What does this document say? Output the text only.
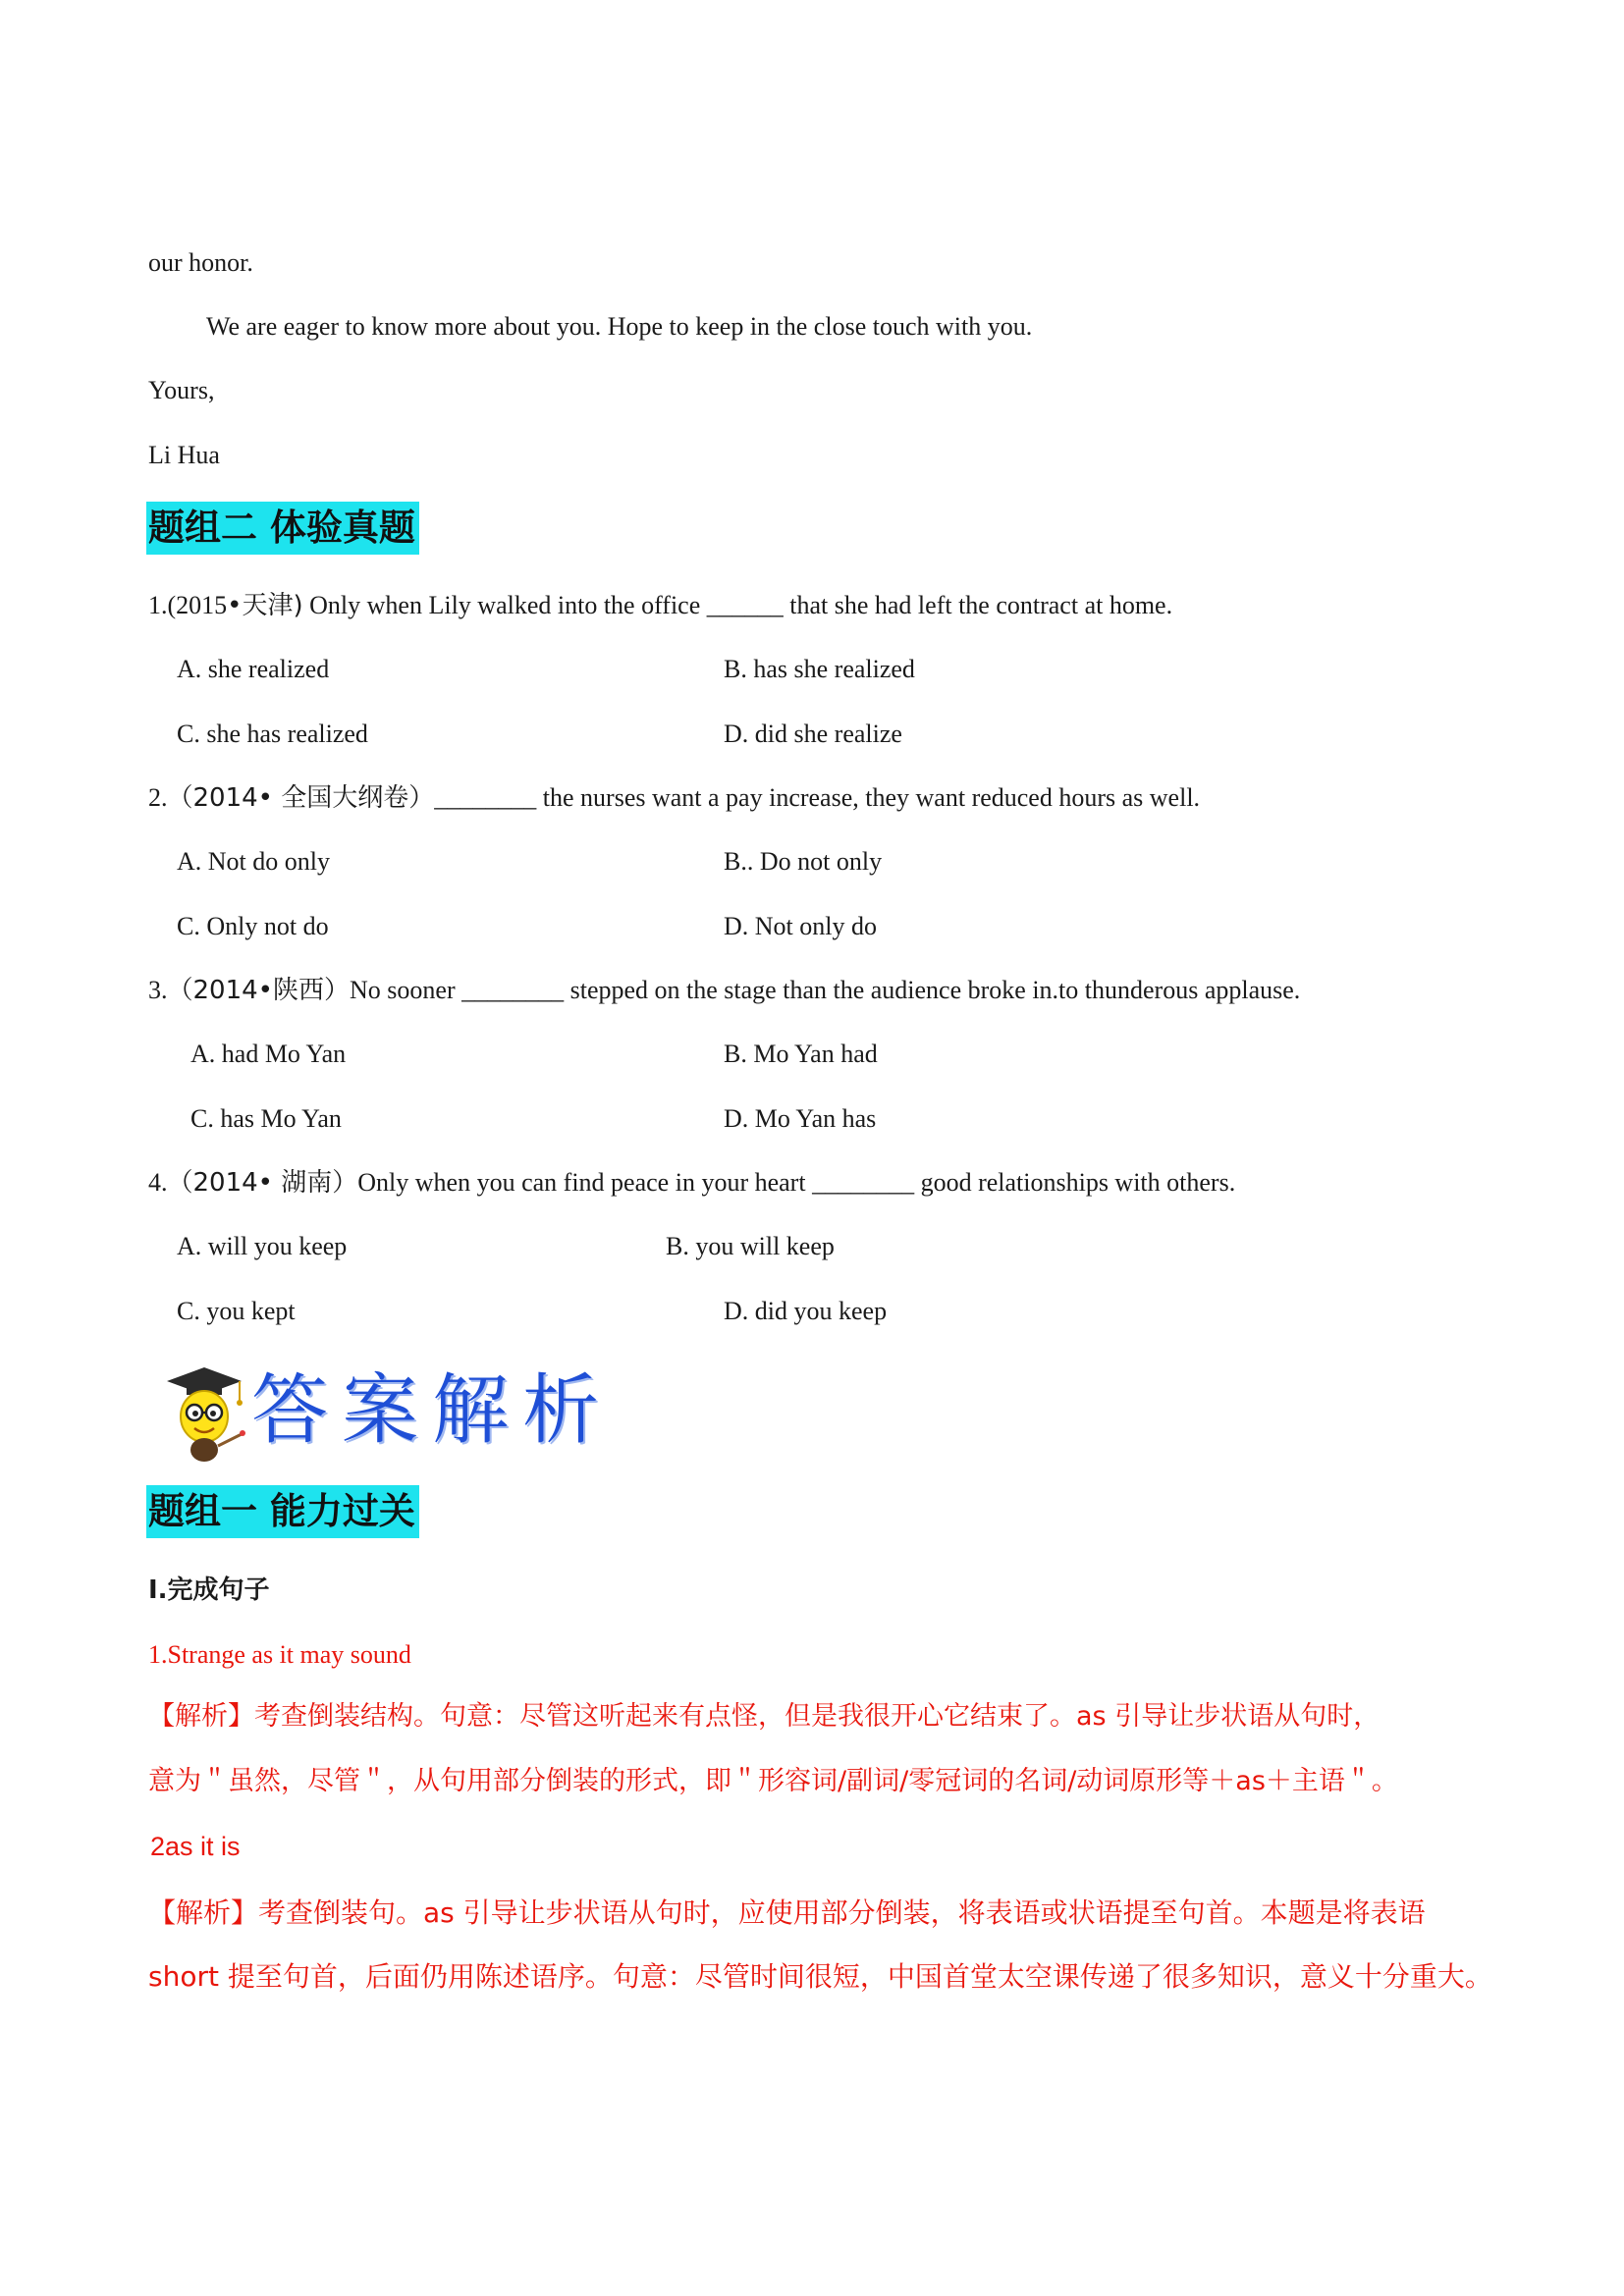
our honor.
We are eager to know more about you. Hope to keep in the close touch with you.
Yours,
Li Hua
题组二 体验真题
1.(2015•天津) Only when Lily walked into the office ______ that she had left the contract at home.
A. she realized	B. has she realized
C. she has realized	D. did she realize
2.（2014• 全国大纲卷）________ the nurses want a pay increase, they want reduced hours as well.
A. Not do only	B.. Do not only
C. Only not do	D. Not only do
3.（2014•陕西）No sooner ________ stepped on the stage than the audience broke in.to thunderous applause.
A. had Mo Yan	B. Mo Yan had
C. has Mo Yan	D. Mo Yan has
4.（2014• 湖南）Only when you can find peace in your heart ________ good relationships with others.
A. will you keep	B. you will keep
C. you kept	D. did you keep
答案解析
题组一 能力过关
I.完成句子
1.Strange as it may sound
【解析】考查倒装结构。句意：尽管这听起来有点怪，但是我很开心它结束了。as 引导让步状语从句时，
意为＂虽然，尽管＂，从句用部分倒装的形式，即＂形容词/副词/零冠词的名词/动词原形等＋as＋主语＂。
2as it is
【解析】考查倒装句。as 引导让步状语从句时，应使用部分倒装，将表语或状语提至句首。本题是将表语
short 提至句首，后面仍用陈述语序。句意：尽管时间很短，中国首堂太空课传递了很多知识，意义十分重大。
